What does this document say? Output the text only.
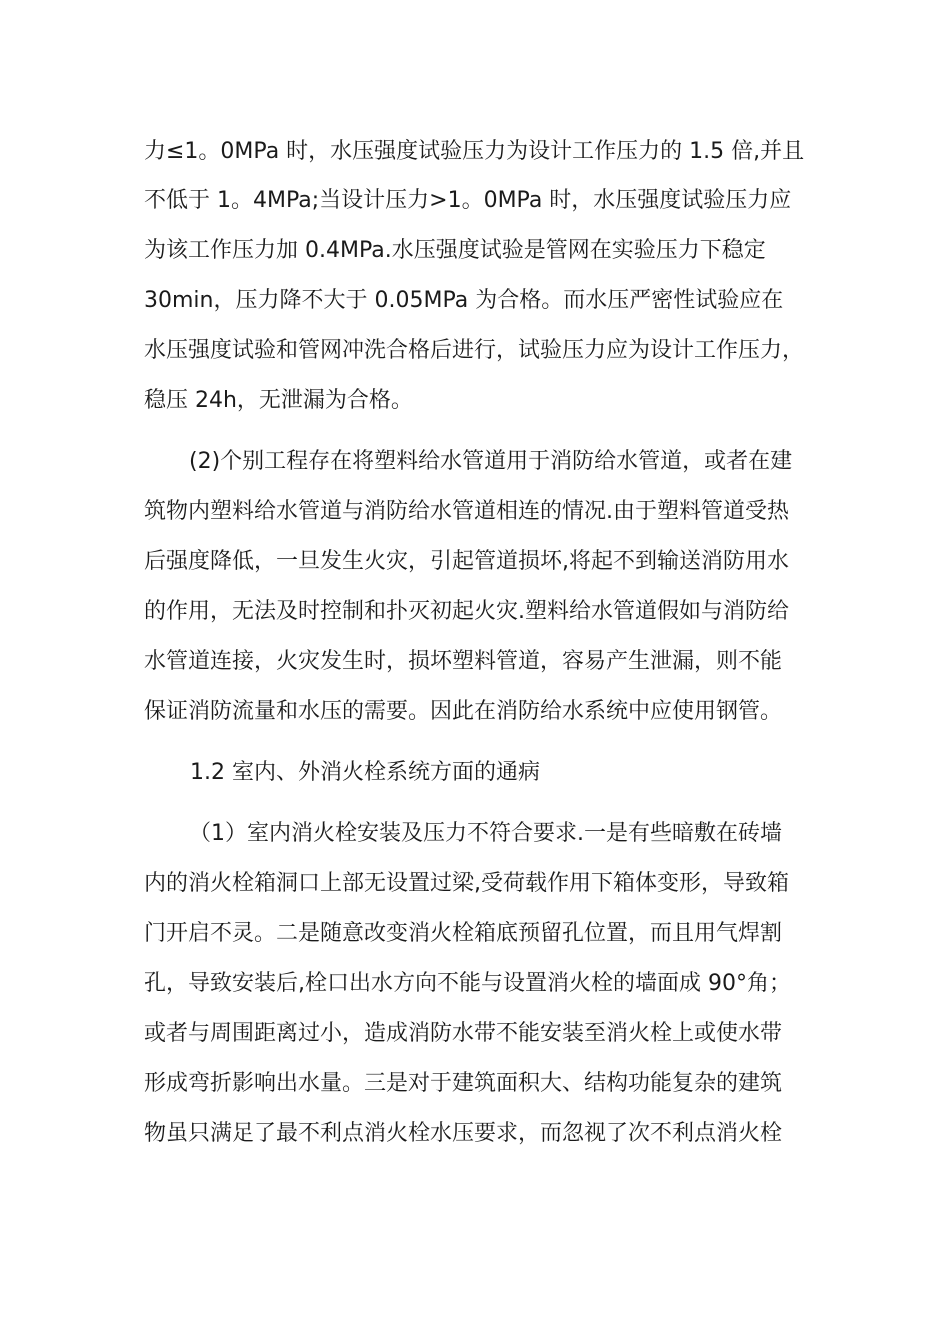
力≤1。0MPa 时，水压强度试验压力为设计工作压力的 1.5 倍,并且
不低于 1。4MPa;当设计压力>1。0MPa 时，水压强度试验压力应
为该工作压力加 0.4MPa.水压强度试验是管网在实验压力下稳定
30min，压力降不大于 0.05MPa 为合格。而水压严密性试验应在
水压强度试验和管网冲洗合格后进行，试验压力应为设计工作压力，
稳压 24h，无泄漏为合格。
(2)个别工程存在将塑料给水管道用于消防给水管道，或者在建
筑物内塑料给水管道与消防给水管道相连的情况.由于塑料管道受热
后强度降低，一旦发生火灾，引起管道损坏,将起不到输送消防用水
的作用，无法及时控制和扑灭初起火灾.塑料给水管道假如与消防给
水管道连接，火灾发生时，损坏塑料管道，容易产生泄漏，则不能
保证消防流量和水压的需要。因此在消防给水系统中应使用钢管。
1.2 室内、外消火栓系统方面的通病
（1）室内消火栓安装及压力不符合要求.一是有些暗敷在砖墙
内的消火栓箱洞口上部无设置过梁,受荷载作用下箱体变形，导致箱
门开启不灵。二是随意改变消火栓箱底预留孔位置，而且用气焊割
孔，导致安装后,栓口出水方向不能与设置消火栓的墙面成 90°角；
或者与周围距离过小，造成消防水带不能安装至消火栓上或使水带
形成弯折影响出水量。三是对于建筑面积大、结构功能复杂的建筑
物虽只满足了最不利点消火栓水压要求，而忽视了次不利点消火栓
